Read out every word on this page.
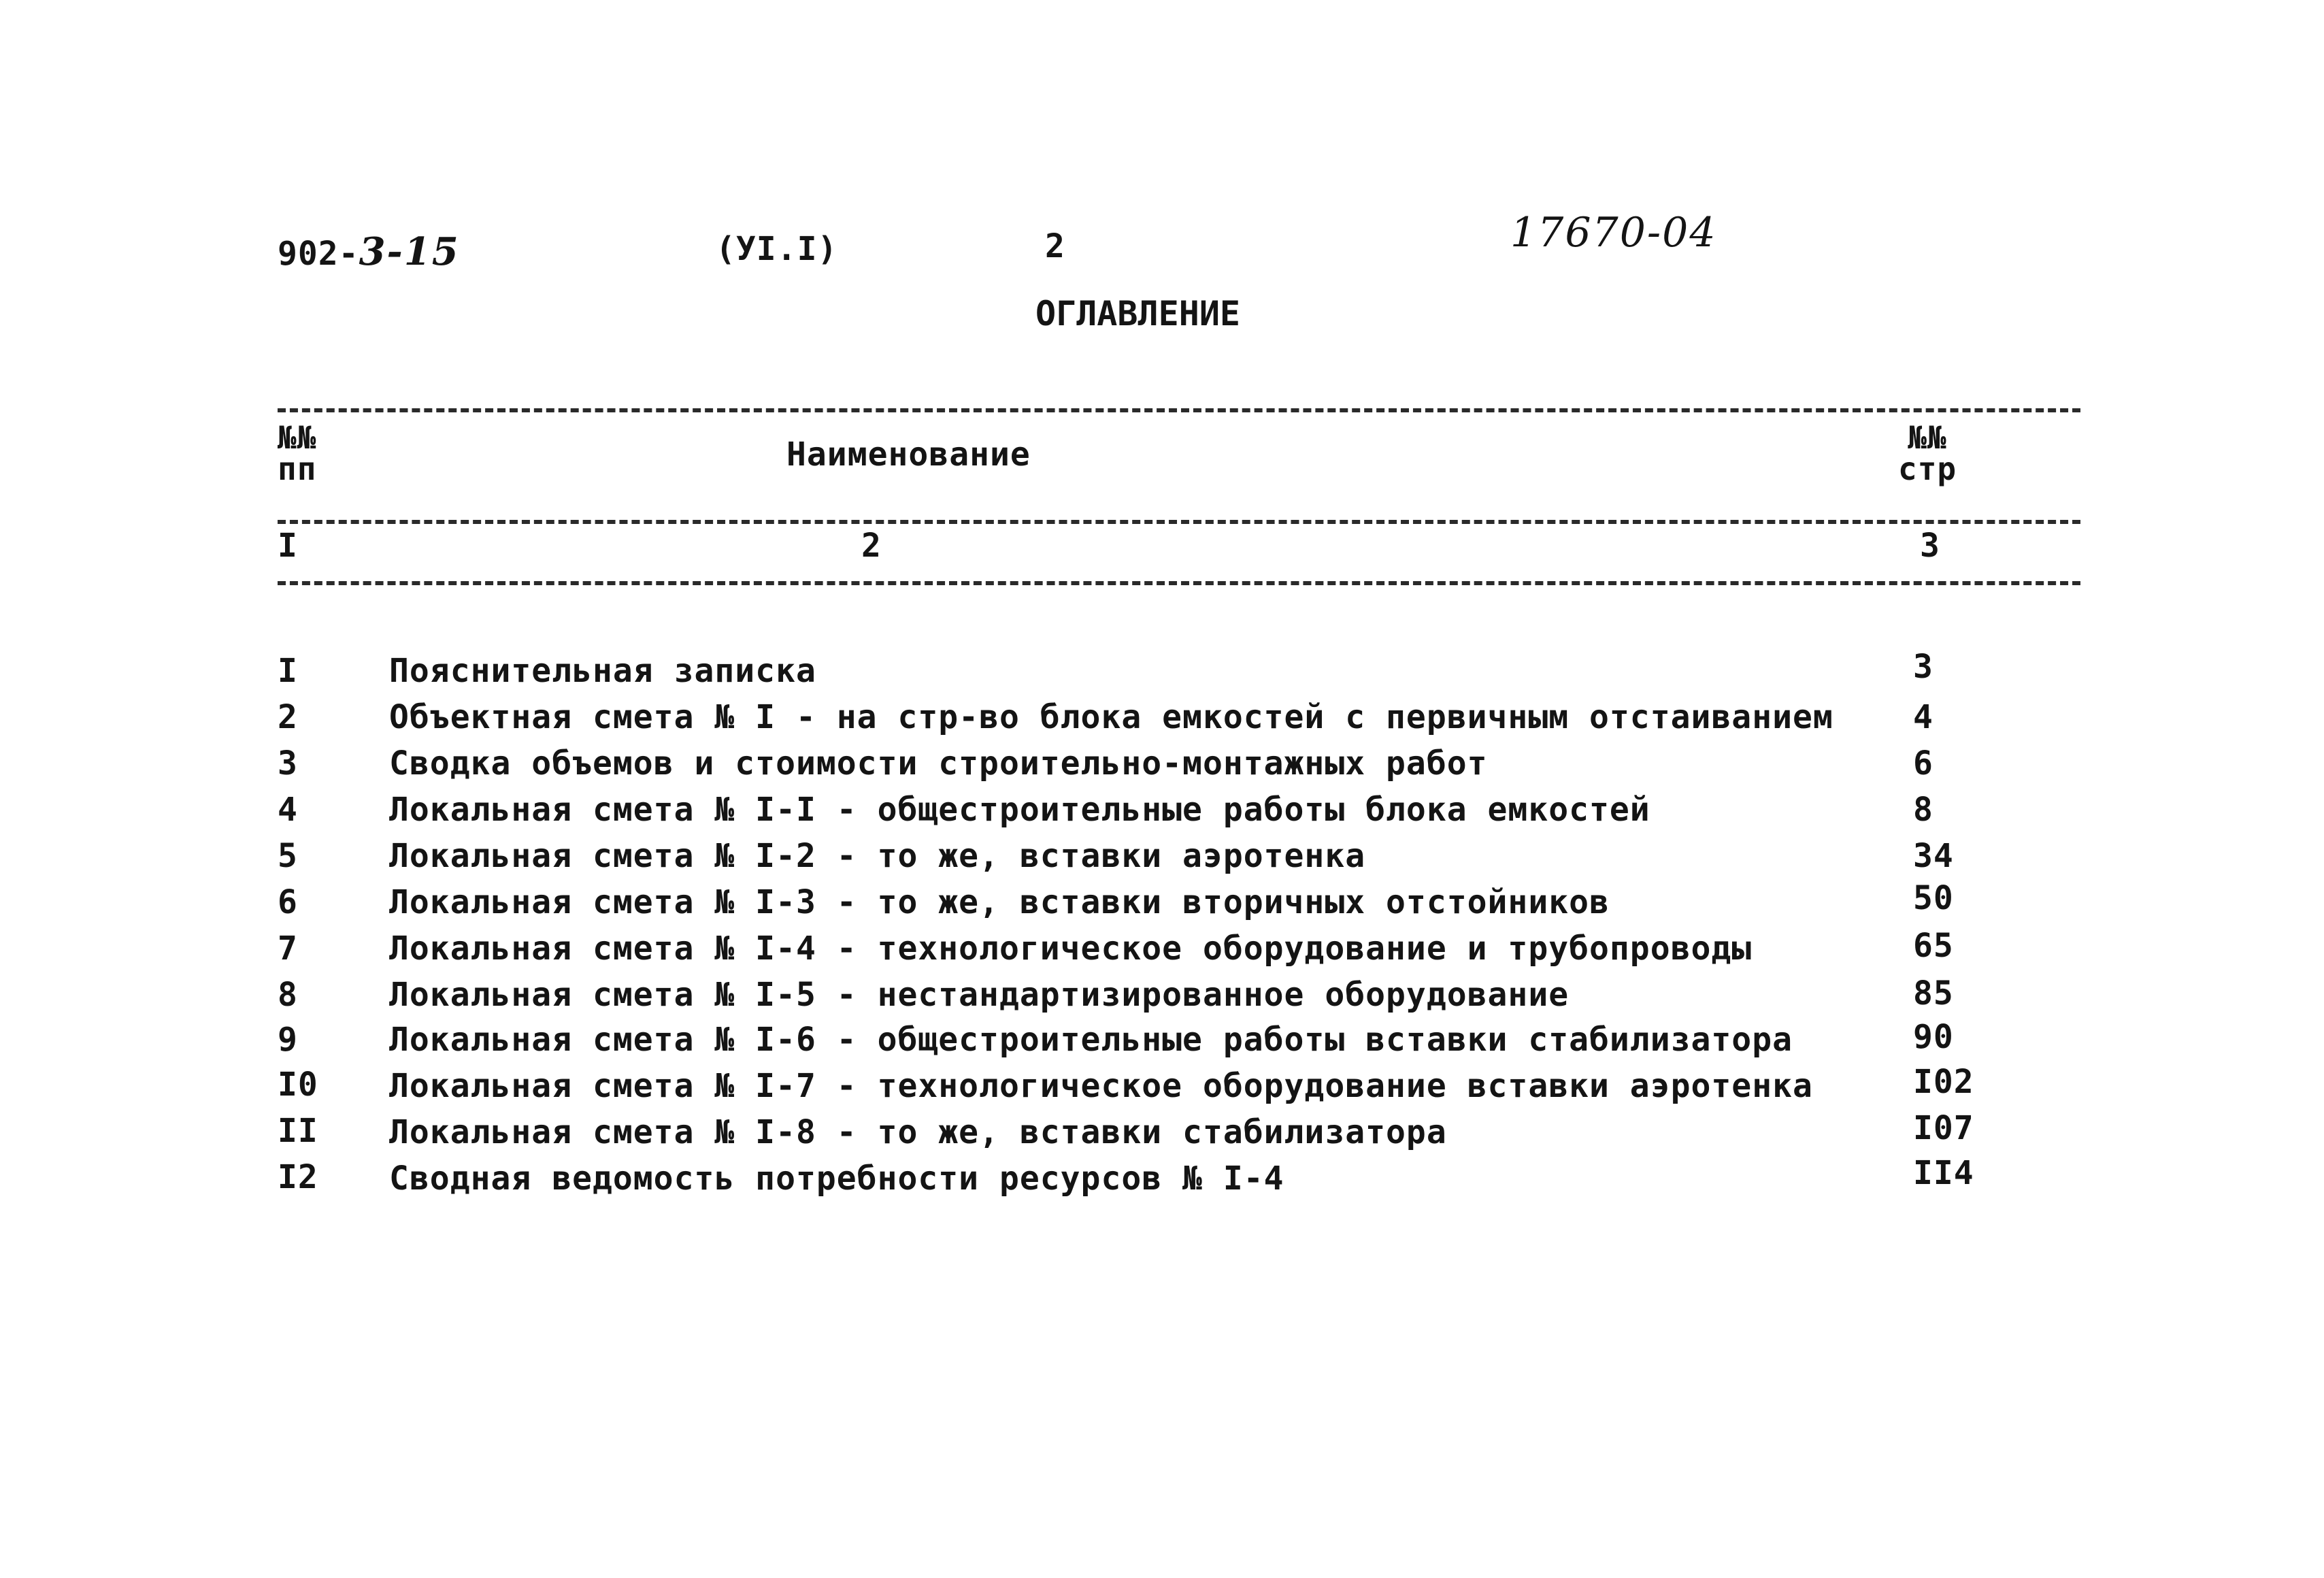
902-3-15	(УI.I)	2	17670-04
ОГЛАВЛЕНИЕ
№№
пп	Наименование	№№
стр
I	2	3
I	Пояснительная записка	3
2	Объектная смета № I - на стр-во блока емкостей с первичным отстаиванием 4
3	Сводка объемов и стоимости строительно-монтажных работ	6
4	Локальная смета № I-I - общестроительные работы блока емкостей	8
5	Локальная смета № I-2 - то же, вставки аэротенка	34
6	Локальная смета № I-3 - то же, вставки вторичных отстойников	50
7	Локальная смета № I-4 - технологическое оборудование и трубопроводы	65
8	Локальная смета № I-5 - нестандартизированное оборудование	85
9	Локальная смета № I-6 - общестроительные работы вставки стабилизатора	90
I0 Локальная смета № I-7 - технологическое оборудование вставки аэротенка	I02
II Локальная смета № I-8 - то же, вставки стабилизатора	I07
I2 Сводная ведомость потребности ресурсов № I-4	II4
